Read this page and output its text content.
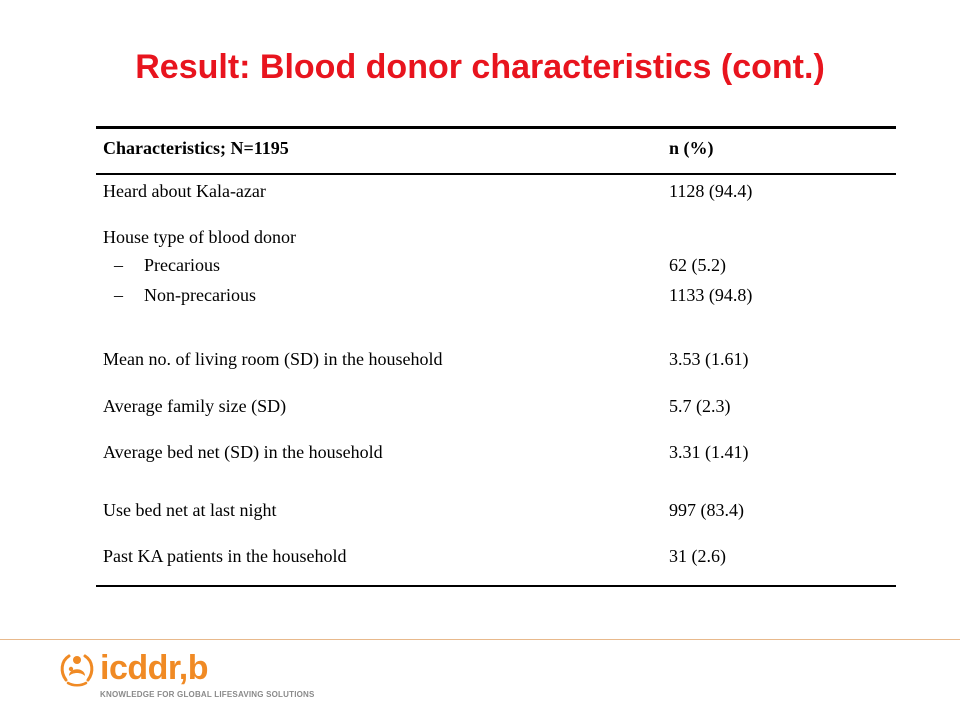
Result: Blood donor characteristics (cont.)
Characteristics; N=1195	n (%)
Heard about Kala-azar	1128 (94.4)
House type of blood donor
– Precarious	62 (5.2)
– Non-precarious	1133 (94.8)
Mean no. of living room (SD) in the household	3.53 (1.61)
Average family size (SD)	5.7 (2.3)
Average bed net (SD) in the household	3.31 (1.41)
Use bed net at last night	997 (83.4)
Past KA patients in the household	31 (2.6)
icddr,b
KNOWLEDGE FOR GLOBAL LIFESAVING SOLUTIONS
